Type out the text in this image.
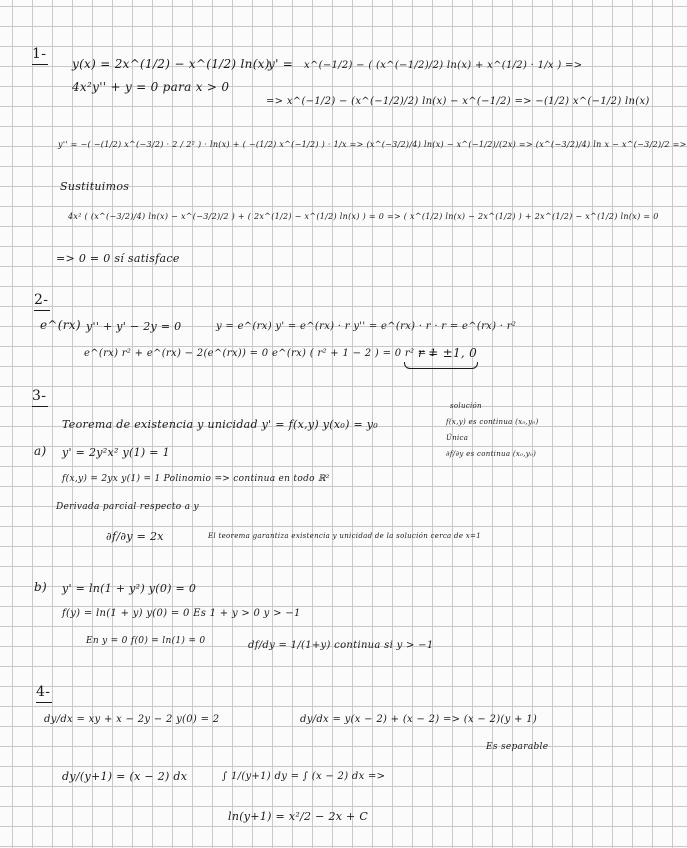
1-
y(x) = 2x^(1/2) − x^(1/2) ln(x)
4x²y'' + y = 0 para x > 0
y' = x^(−1/2) − ( (x^(−1/2)/2) ln(x) + x^(1/2) · 1/x ) =>
=> x^(−1/2) − (x^(−1/2)/2) ln(x) − x^(−1/2) => −(1/2) x^(−1/2) ln(x)
y'' = −( −(1/2) x^(−3/2) · 2 / 2² ) · ln(x) + ( −(1/2) x^(−1/2) ) · 1/x => (x^(−3/2)/4) ln(x) − x^(−1/2)/(2x) => (x^(−3/2)/4) ln x − x^(−3/2)/2 =>
Sustituimos
4x² ( (x^(−3/2)/4) ln(x) − x^(−3/2)/2 ) + ( 2x^(1/2) − x^(1/2) ln(x) ) = 0 => ( x^(1/2) ln(x) − 2x^(1/2) ) + 2x^(1/2) − x^(1/2) ln(x) = 0
=> 0 = 0 sí satisface
2-
e^(rx) y'' + y' − 2y = 0	y = e^(rx) y' = e^(rx) · r y'' = e^(rx) · r · r = e^(rx) · r²
e^(rx) r² + e^(rx) − 2(e^(rx)) = 0 e^(rx) ( r² + 1 − 2 ) = 0 r² = 1
r = ±1, 0
3-
Teorema de existencia y unicidad y' = f(x,y) y(x₀) = y₀
solución
f(x,y) es continua (x₀,y₀)
Única
∂f/∂y es continua (x₀,y₀)
a) y' = 2y²x² y(1) = 1
f(x,y) = 2yx y(1) = 1 Polinomio => continua en todo ℝ²
Derivada parcial respecto a y
∂f/∂y = 2x	El teorema garantiza existencia y unicidad de la solución cerca de x=1
b) y' = ln(1 + y²) y(0) = 0
f(y) = ln(1 + y) y(0) = 0 Es 1 + y > 0 y > −1
En y = 0 f(0) = ln(1) = 0	df/dy = 1/(1+y) continua si y > −1
4-
dy/dx = xy + x − 2y − 2 y(0) = 2	dy/dx = y(x − 2) + (x − 2) => (x − 2)(y + 1)
Es separable
dy/(y+1) = (x − 2) dx	∫ 1/(y+1) dy = ∫ (x − 2) dx =>
ln(y+1) = x²/2 − 2x + C
